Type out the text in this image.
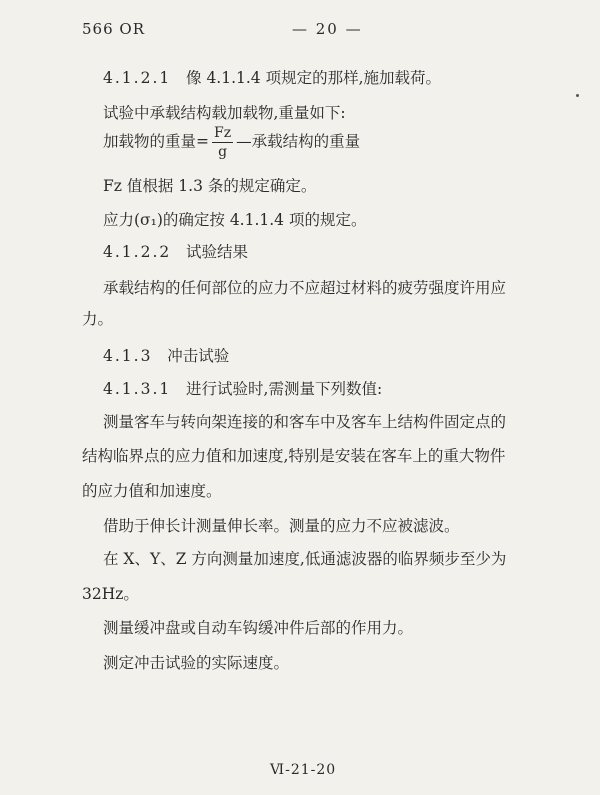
566 OR	— 20 —
4.1.2.1 像 4.1.1.4 项规定的那样,施加载荷。
试验中承载结构载加载物,重量如下:
加载物的重量= $\frac{Fz}{g}$ —承载结构的重量
Fz 值根据 1.3 条的规定确定。
应力(σ₁)的确定按 4.1.1.4 项的规定。
4.1.2.2 试验结果
承载结构的任何部位的应力不应超过材料的疲劳强度许用应
力。
4.1.3 冲击试验
4.1.3.1 进行试验时,需测量下列数值:
测量客车与转向架连接的和客车中及客车上结构件固定点的
结构临界点的应力值和加速度,特别是安装在客车上的重大物件
的应力值和加速度。
借助于伸长计测量伸长率。测量的应力不应被滤波。
在 X、Y、Z 方向测量加速度,低通滤波器的临界频步至少为
32Hz。
测量缓冲盘或自动车钩缓冲件后部的作用力。
测定冲击试验的实际速度。
Ⅵ-21-20
